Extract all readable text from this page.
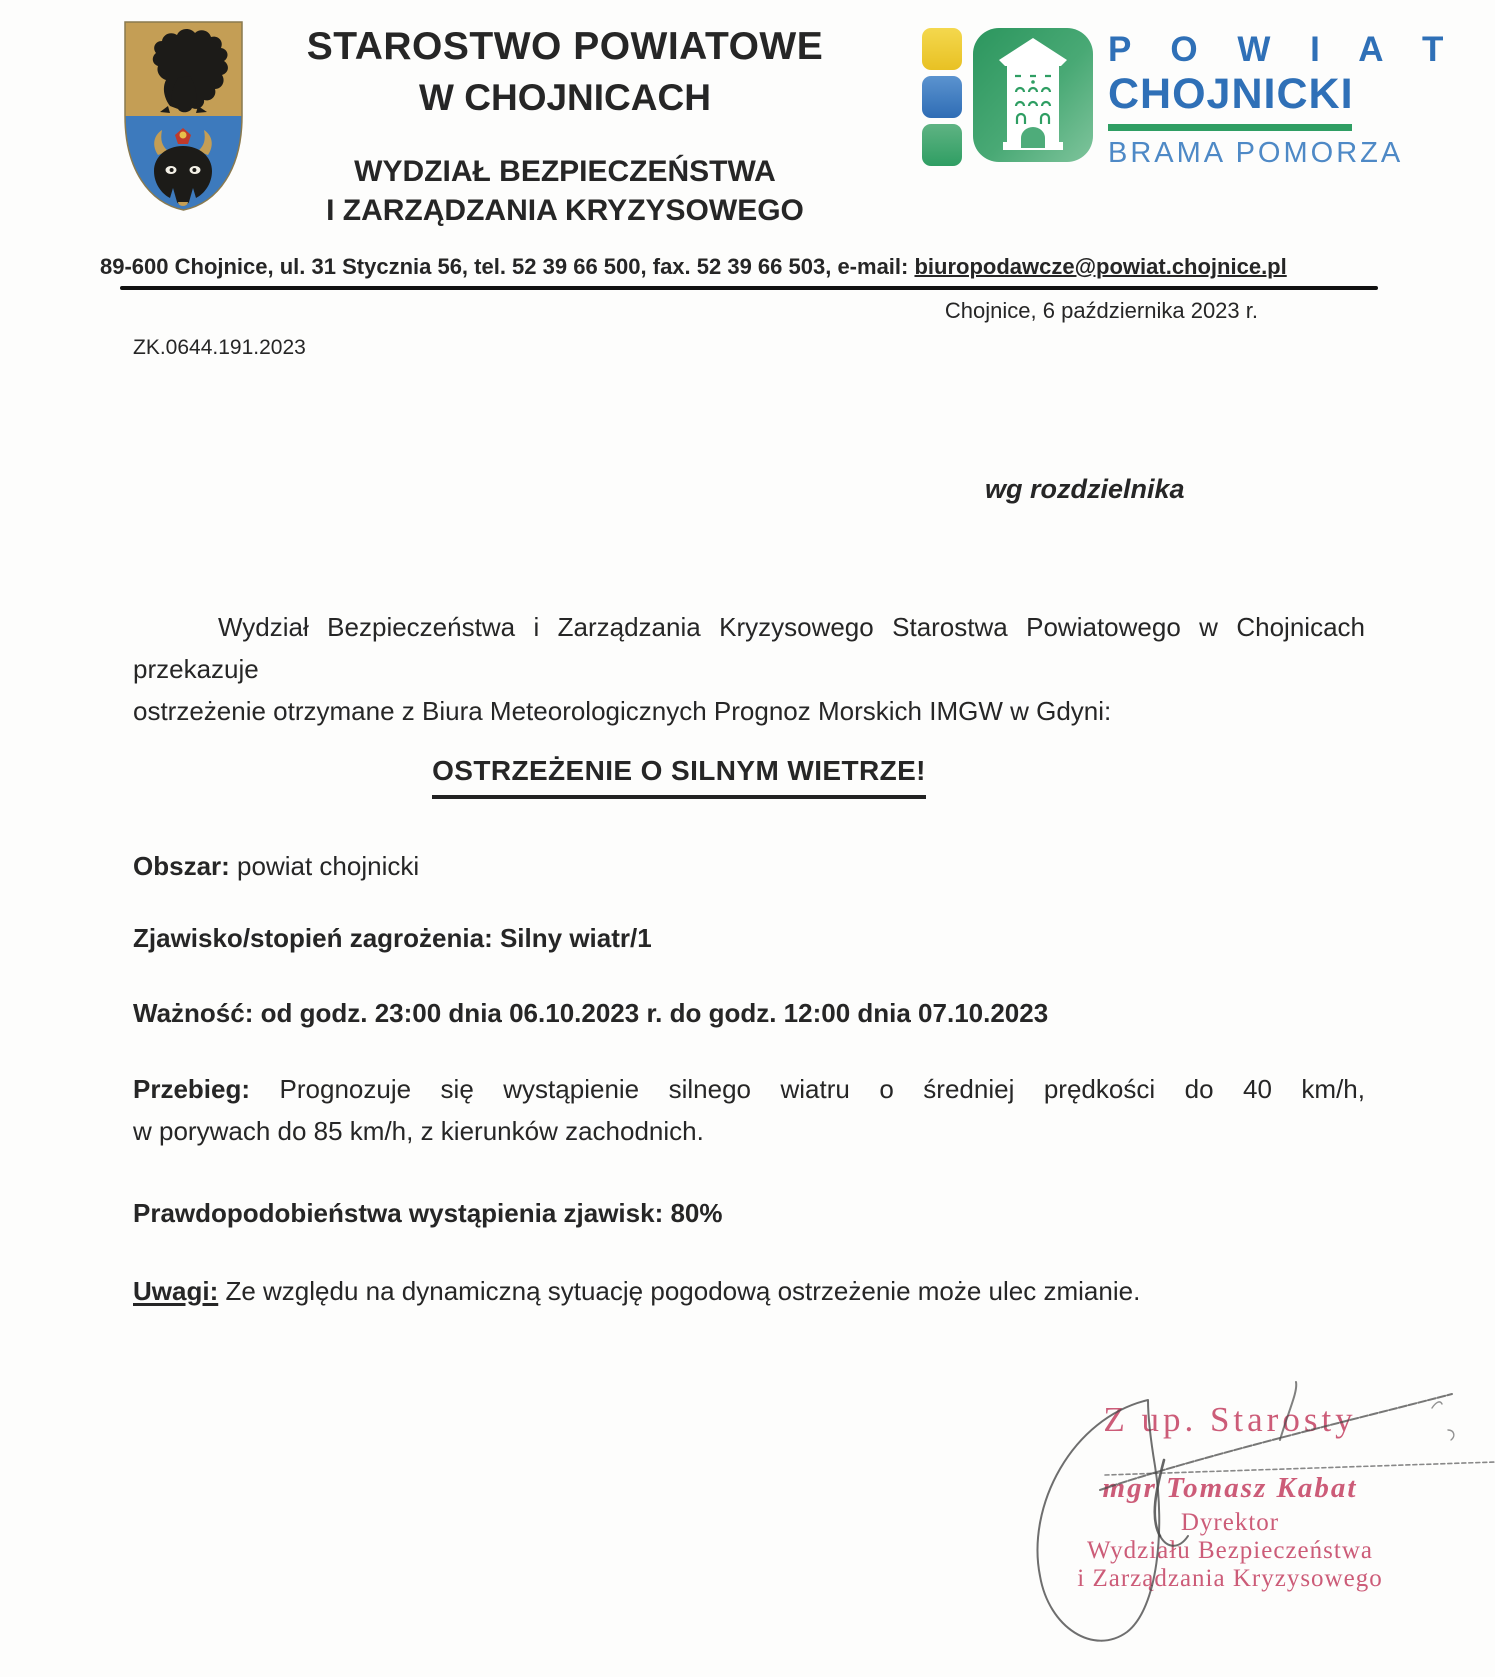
STAROSTWO POWIATOWE
W CHOJNICACH
WYDZIAŁ BEZPIECZEŃSTWA
I ZARZĄDZANIA KRYZYSOWEGO
P O W I A T
CHOJNICKI
BRAMA POMORZA
89-600 Chojnice, ul. 31 Stycznia 56, tel. 52 39 66 500, fax. 52 39 66 503, e-mail: biuropodawcze@powiat.chojnice.pl
Chojnice, 6 października 2023 r.
ZK.0644.191.2023
wg rozdzielnika
Wydział Bezpieczeństwa i Zarządzania Kryzysowego Starostwa Powiatowego w Chojnicach przekazuje
ostrzeżenie otrzymane z Biura Meteorologicznych Prognoz Morskich IMGW w Gdyni:
OSTRZEŻENIE O SILNYM WIETRZE!
Obszar: powiat chojnicki
Zjawisko/stopień zagrożenia: Silny wiatr/1
Ważność: od godz. 23:00 dnia 06.10.2023 r. do godz. 12:00 dnia 07.10.2023
Przebieg: Prognozuje się wystąpienie silnego wiatru o średniej prędkości do 40 km/h,
w porywach do 85 km/h, z kierunków zachodnich.
Prawdopodobieństwa wystąpienia zjawisk: 80%
Uwagi: Ze względu na dynamiczną sytuację pogodową ostrzeżenie może ulec zmianie.
Z up. Starosty
mgr Tomasz Kabat
Dyrektor
Wydziału Bezpieczeństwa
i Zarządzania Kryzysowego
